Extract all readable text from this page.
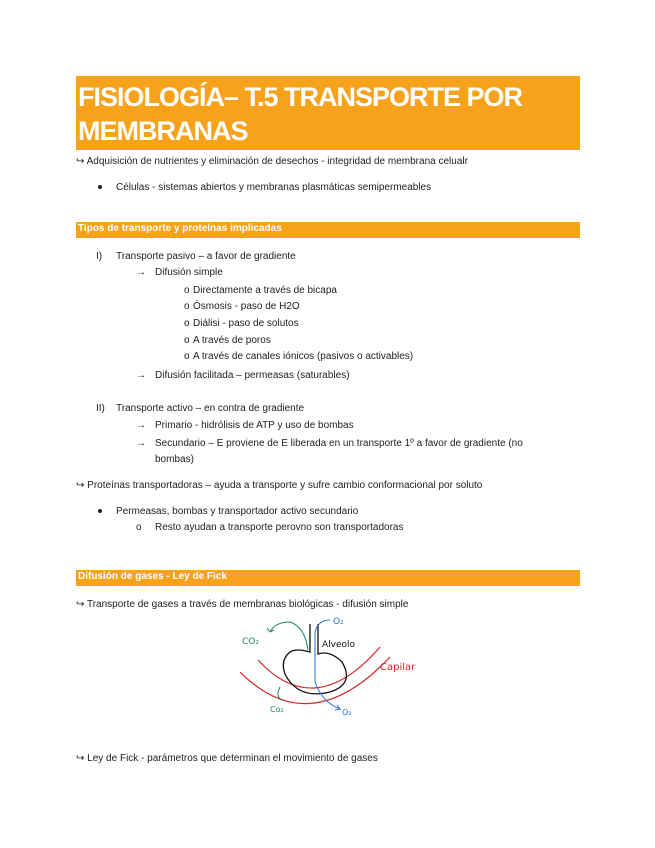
FISIOLOGÍA– T.5 TRANSPORTE POR MEMBRANAS
↪ Adquisición de nutrientes y eliminación de desechos - integridad de membrana celualr
Células - sistemas abiertos y membranas plasmáticas semipermeables
Tipos de transporte y proteínas implicadas
I) Transporte pasivo – a favor de gradiente
→ Difusión simple
o Directamente a través de bicapa
o Ósmosis - paso de H2O
o Diálisi - paso de solutos
o A través de poros
o A través de canales iónicos (pasivos o activables)
→ Difusión facilitada – permeasas (saturables)
II) Transporte activo – en contra de gradiente
→ Primario - hidrólisis de ATP y uso de bombas
→ Secundario – E proviene de E liberada en un transporte 1º a favor de gradiente (no
bombas)
↪ Proteínas transportadoras – ayuda a transporte y sufre cambio conformacional por soluto
Permeasas, bombas y transportador activo secundario
o Resto ayudan a transporte perovno son transportadoras
Difusión de gases - Ley de Fick
↪ Transporte de gases a través de membranas biológicas - difusión simple
CO₂
O₂
Alveolo
Capilar
Co₂	O₂
↪ Ley de Fick - parámetros que determinan el movimiento de gases
